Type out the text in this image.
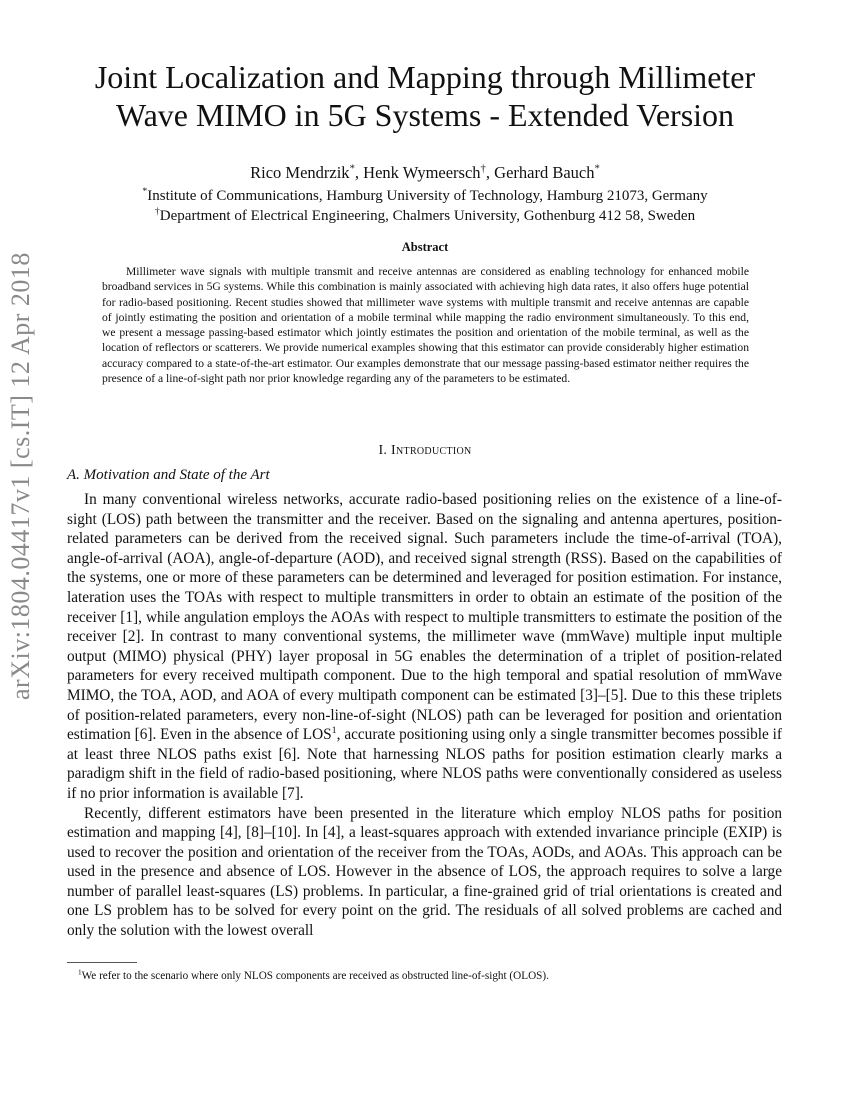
arXiv:1804.04417v1 [cs.IT] 12 Apr 2018
Joint Localization and Mapping through Millimeter Wave MIMO in 5G Systems - Extended Version
Rico Mendrzik*, Henk Wymeersch†, Gerhard Bauch*
*Institute of Communications, Hamburg University of Technology, Hamburg 21073, Germany
†Department of Electrical Engineering, Chalmers University, Gothenburg 412 58, Sweden
Abstract

Millimeter wave signals with multiple transmit and receive antennas are considered as enabling technology for enhanced mobile broadband services in 5G systems. While this combination is mainly associated with achieving high data rates, it also offers huge potential for radio-based positioning. Recent studies showed that millimeter wave systems with multiple transmit and receive antennas are capable of jointly estimating the position and orientation of a mobile terminal while mapping the radio environment simultaneously. To this end, we present a message passing-based estimator which jointly estimates the position and orientation of the mobile terminal, as well as the location of reflectors or scatterers. We provide numerical examples showing that this estimator can provide considerably higher estimation accuracy compared to a state-of-the-art estimator. Our examples demonstrate that our message passing-based estimator neither requires the presence of a line-of-sight path nor prior knowledge regarding any of the parameters to be estimated.

I. Introduction
A. Motivation and State of the Art

In many conventional wireless networks, accurate radio-based positioning relies on the existence of a line-of-sight (LOS) path between the transmitter and the receiver. Based on the signaling and antenna apertures, position-related parameters can be derived from the received signal. Such parameters include the time-of-arrival (TOA), angle-of-arrival (AOA), angle-of-departure (AOD), and received signal strength (RSS). Based on the capabilities of the systems, one or more of these parameters can be determined and leveraged for position estimation. For instance, lateration uses the TOAs with respect to multiple transmitters in order to obtain an estimate of the position of the receiver [1], while angulation employs the AOAs with respect to multiple transmitters to estimate the position of the receiver [2]. In contrast to many conventional systems, the millimeter wave (mmWave) multiple input multiple output (MIMO) physical (PHY) layer proposal in 5G enables the determination of a triplet of position-related parameters for every received multipath component. Due to the high temporal and spatial resolution of mmWave MIMO, the TOA, AOD, and AOA of every multipath component can be estimated [3]–[5]. Due to this these triplets of position-related parameters, every non-line-of-sight (NLOS) path can be leveraged for position and orientation estimation [6]. Even in the absence of LOS$^1$, accurate positioning using only a single transmitter becomes possible if at least three NLOS paths exist [6]. Note that harnessing NLOS paths for position estimation clearly marks a paradigm shift in the field of radio-based positioning, where NLOS paths were conventionally considered as useless if no prior information is available [7].

Recently, different estimators have been presented in the literature which employ NLOS paths for position estimation and mapping [4], [8]–[10]. In [4], a least-squares approach with extended invariance principle (EXIP) is used to recover the position and orientation of the receiver from the TOAs, AODs, and AOAs. This approach can be used in the presence and absence of LOS. However in the absence of LOS, the approach requires to solve a large number of parallel least-squares (LS) problems. In particular, a fine-grained grid of trial orientations is created and one LS problem has to be solved for every point on the grid. The residuals of all solved problems are cached and only the solution with the lowest overall

$^1$We refer to the scenario where only NLOS components are received as obstructed line-of-sight (OLOS).
